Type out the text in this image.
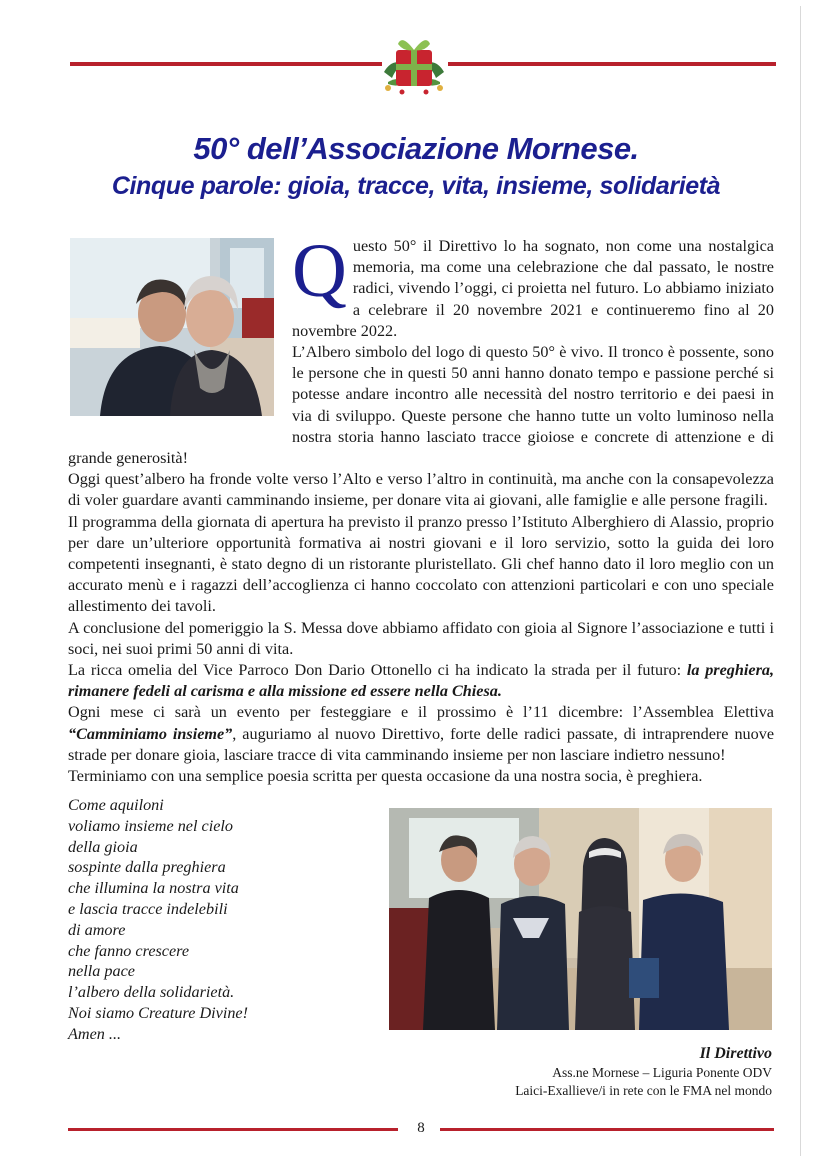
50° dell’Associazione Mornese.
Cinque parole: gioia, tracce, vita, insieme, solidarietà

Questo 50° il Direttivo lo ha sognato, non come una nostalgica memoria, ma come una celebrazione che dal passato, le nostre radici, vivendo l’oggi, ci proietta nel futuro. Lo abbiamo iniziato a celebrare il 20 novembre 2021 e continueremo fino al 20 novembre 2022.

L’Albero simbolo del logo di questo 50° è vivo. Il tronco è possente, sono le persone che in questi 50 anni hanno donato tempo e passione perché si potesse andare incontro alle necessità del nostro territorio e dei paesi in via di sviluppo. Queste persone che hanno tutte un volto luminoso nella nostra storia hanno lasciato tracce gioiose e concrete di attenzione e di grande generosità!

Oggi quest’albero ha fronde volte verso l’Alto e verso l’altro in continuità, ma anche con la consapevolezza di voler guardare avanti camminando insieme, per donare vita ai giovani, alle famiglie e alle persone fragili.

Il programma della giornata di apertura ha previsto il pranzo presso l’Istituto Alberghiero di Alassio, proprio per dare un’ulteriore opportunità formativa ai nostri giovani e il loro servizio, sotto la guida dei loro competenti insegnanti, è stato degno di un ristorante pluristellato. Gli chef hanno dato il loro meglio con un accurato menù e i ragazzi dell’accoglienza ci hanno coccolato con attenzioni particolari e con uno speciale allestimento dei tavoli.

A conclusione del pomeriggio la S. Messa dove abbiamo affidato con gioia al Signore l’associazione e tutti i soci, nei suoi primi 50 anni di vita.

La ricca omelia del Vice Parroco Don Dario Ottonello ci ha indicato la strada per il futuro: la preghiera, rimanere fedeli al carisma e alla missione ed essere nella Chiesa.

Ogni mese ci sarà un evento per festeggiare e il prossimo è l’11 dicembre: l’Assemblea Elettiva “Camminiamo insieme”, auguriamo al nuovo Direttivo, forte delle radici passate, di intraprendere nuove strade per donare gioia, lasciare tracce di vita camminando insieme per non lasciare indietro nessuno!

Terminiamo con una semplice poesia scritta per questa occasione da una nostra socia, è preghiera.

Come aquiloni
voliamo insieme nel cielo
della gioia
sospinte dalla preghiera
che illumina la nostra vita
e lascia tracce indelebili
di amore
che fanno crescere
nella pace
l’albero della solidarietà.
Noi siamo Creature Divine!
Amen ...
Il Direttivo
Ass.ne Mornese – Liguria Ponente ODV
Laici-Exallieve/i in rete con le FMA nel mondo
8
